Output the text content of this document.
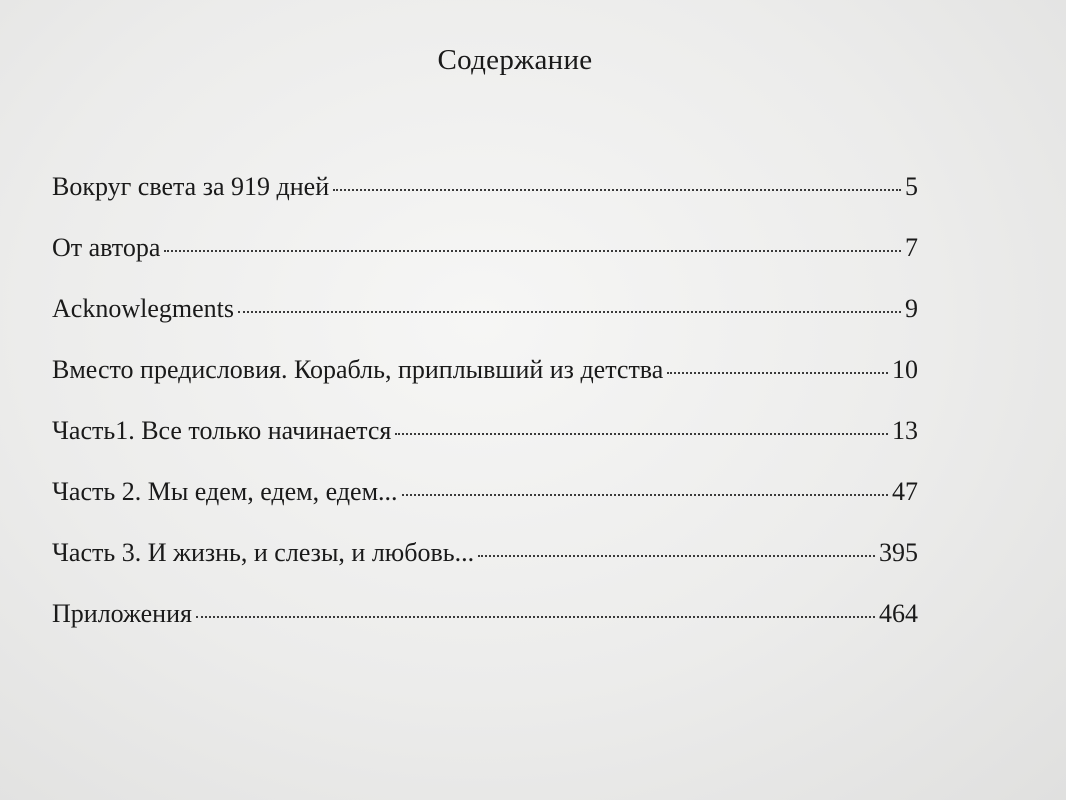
Содержание
Вокруг света за 919 дней	5
От автора	7
Acknowlegments	9
Вместо предисловия. Корабль, приплывший из детства	10
Часть1. Все только начинается	13
Часть 2. Мы едем, едем, едем...	47
Часть 3. И жизнь, и слезы, и любовь...	395
Приложения	464
